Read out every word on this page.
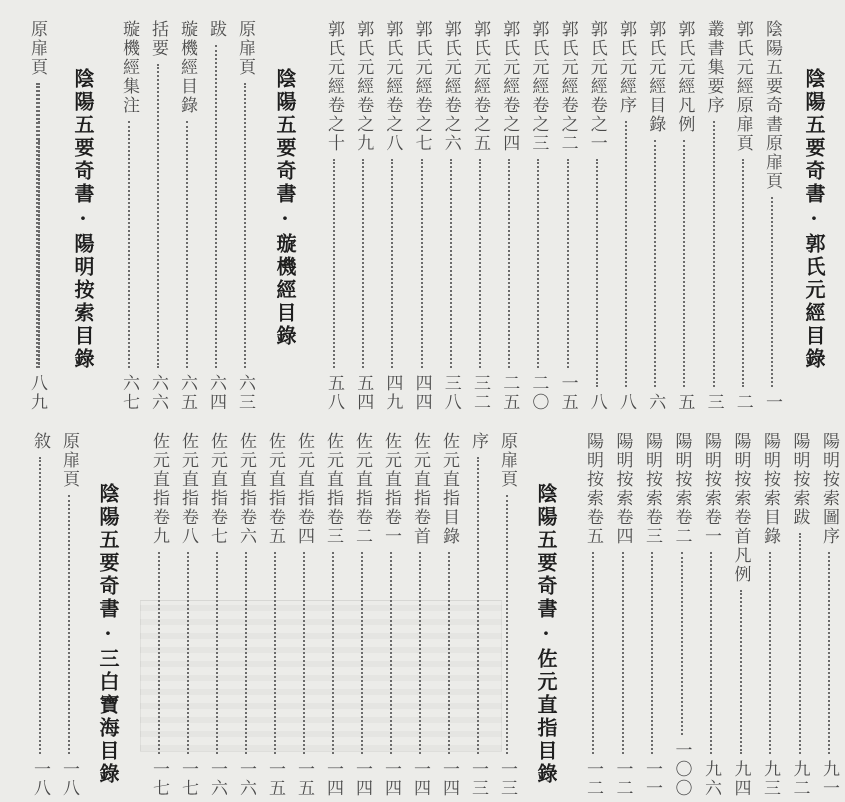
陰陽五要奇書·郭氏元經目錄
陰陽五要奇書原扉頁
一
郭氏元經原扉頁
二
叢書集要序
三
郭氏元經凡例
五
郭氏元經目錄
六
郭氏元經序
八
郭氏元經卷之一
八
郭氏元經卷之二
一五
郭氏元經卷之三
二〇
郭氏元經卷之四
二五
郭氏元經卷之五
三二
郭氏元經卷之六
三八
郭氏元經卷之七
四四
郭氏元經卷之八
四九
郭氏元經卷之九
五四
郭氏元經卷之十
五八
陰陽五要奇書·璇機經目錄
原扉頁
六三
跋
六四
璇機經目錄
六五
括要
六六
璇機經集注
六七
陰陽五要奇書·陽明按索目錄
陰陽五要奇書·佐元直指目錄
原扉頁
一三
序
一三
佐元直指目錄
一四
佐元直指卷首
一四
佐元直指卷一
一四
佐元直指卷二
一四
佐元直指卷三
一四
佐元直指卷四
一五
佐元直指卷五
一五
佐元直指卷六
一六
佐元直指卷七
一六
佐元直指卷八
一七
佐元直指卷九
一七
陰陽五要奇書·三白寶海目錄
原扉頁
一八
敘
一八
原扉頁
八九
陽明按索圖序
九一
陽明按索跋
九二
陽明按索目錄
九三
陽明按索卷首凡例
九四
陽明按索卷一
九六
陽明按索卷二
一〇〇
陽明按索卷三
一一
陽明按索卷四
一二
陽明按索卷五
一二
